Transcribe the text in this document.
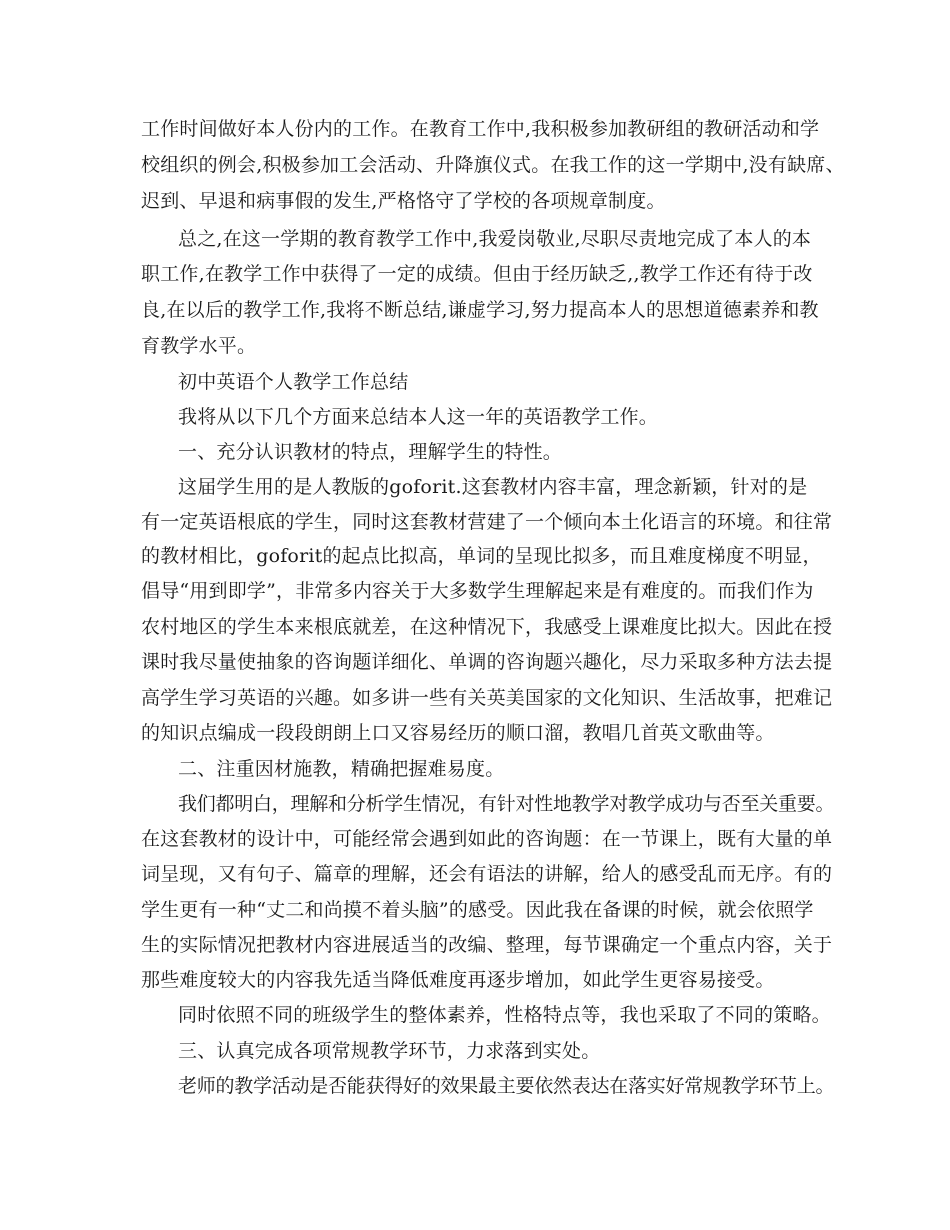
工作时间做好本人份内的工作。在教育工作中,我积极参加教研组的教研活动和学
校组织的例会,积极参加工会活动、升降旗仪式。在我工作的这一学期中,没有缺席、
迟到、早退和病事假的发生,严格恪守了学校的各项规章制度。
总之,在这一学期的教育教学工作中,我爱岗敬业,尽职尽责地完成了本人的本
职工作,在教学工作中获得了一定的成绩。但由于经历缺乏,,教学工作还有待于改
良,在以后的教学工作,我将不断总结,谦虚学习,努力提高本人的思想道德素养和教
育教学水平。
初中英语个人教学工作总结
我将从以下几个方面来总结本人这一年的英语教学工作。
一、充分认识教材的特点，理解学生的特性。
这届学生用的是人教版的goforit.这套教材内容丰富，理念新颖，针对的是
有一定英语根底的学生，同时这套教材营建了一个倾向本土化语言的环境。和往常
的教材相比，goforit的起点比拟高，单词的呈现比拟多，而且难度梯度不明显，
倡导“用到即学”，非常多内容关于大多数学生理解起来是有难度的。而我们作为
农村地区的学生本来根底就差，在这种情况下，我感受上课难度比拟大。因此在授
课时我尽量使抽象的咨询题详细化、单调的咨询题兴趣化，尽力采取多种方法去提
高学生学习英语的兴趣。如多讲一些有关英美国家的文化知识、生活故事，把难记
的知识点编成一段段朗朗上口又容易经历的顺口溜，教唱几首英文歌曲等。
二、注重因材施教，精确把握难易度。
我们都明白，理解和分析学生情况，有针对性地教学对教学成功与否至关重要。
在这套教材的设计中，可能经常会遇到如此的咨询题：在一节课上，既有大量的单
词呈现，又有句子、篇章的理解，还会有语法的讲解，给人的感受乱而无序。有的
学生更有一种“丈二和尚摸不着头脑”的感受。因此我在备课的时候，就会依照学
生的实际情况把教材内容进展适当的改编、整理，每节课确定一个重点内容，关于
那些难度较大的内容我先适当降低难度再逐步增加，如此学生更容易接受。
同时依照不同的班级学生的整体素养，性格特点等，我也采取了不同的策略。
三、认真完成各项常规教学环节，力求落到实处。
老师的教学活动是否能获得好的效果最主要依然表达在落实好常规教学环节上。
